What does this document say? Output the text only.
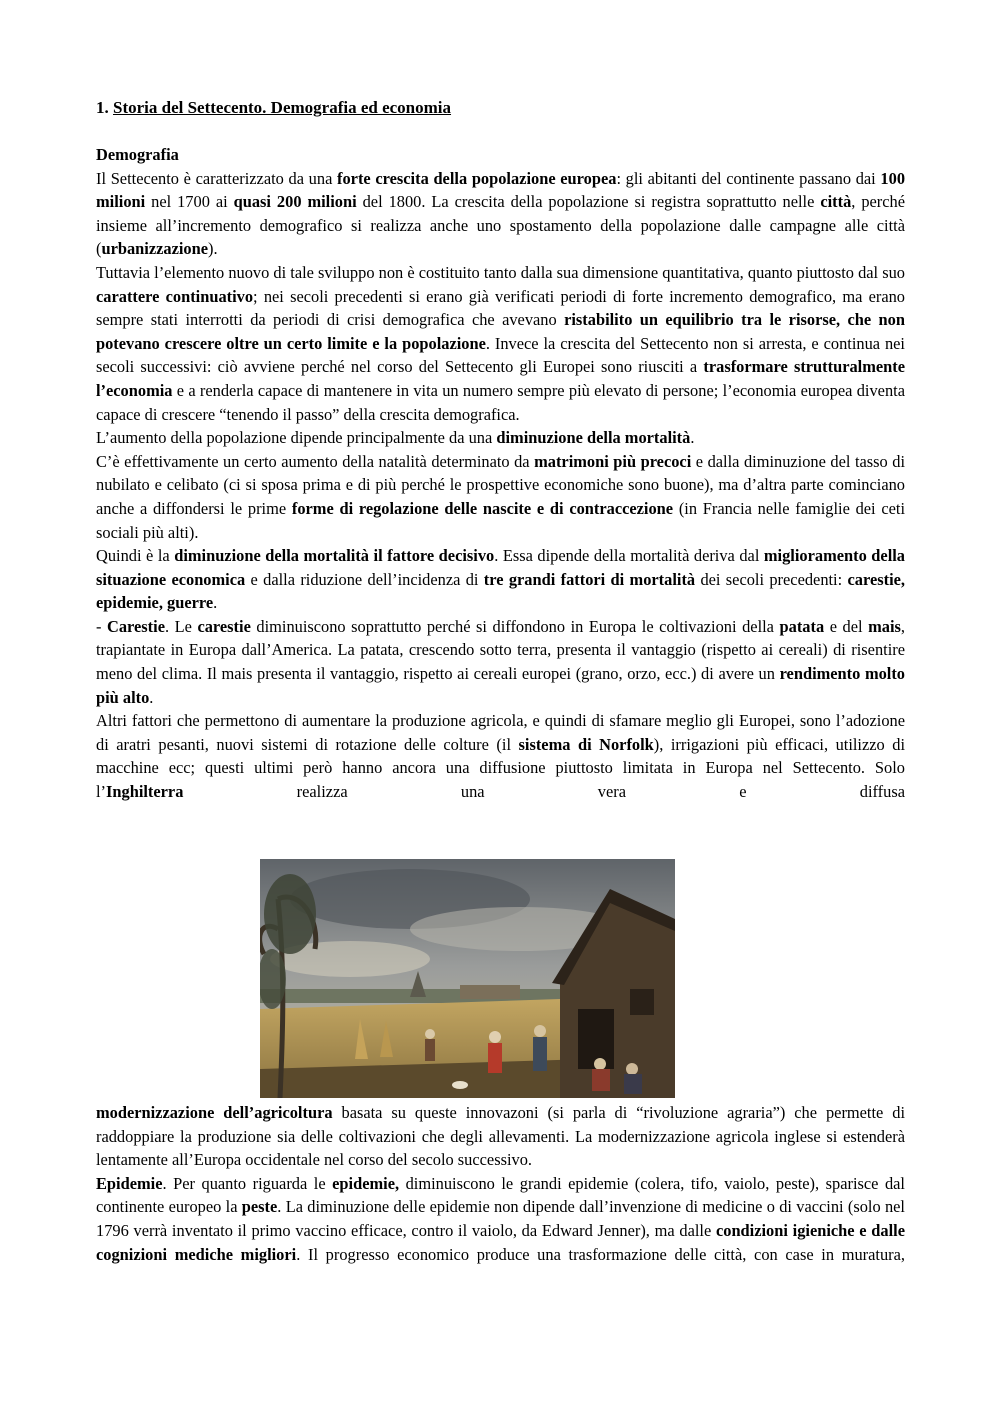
1. Storia del Settecento. Demografia ed economia
Demografia

Il Settecento è caratterizzato da una forte crescita della popolazione europea: gli abitanti del continente passano dai 100 milioni nel 1700 ai quasi 200 milioni del 1800. La crescita della popolazione si registra soprattutto nelle città, perché insieme all’incremento demografico si realizza anche uno spostamento della popolazione dalle campagne alle città (urbanizzazione).

Tuttavia l’elemento nuovo di tale sviluppo non è costituito tanto dalla sua dimensione quantitativa, quanto piuttosto dal suo carattere continuativo; nei secoli precedenti si erano già verificati periodi di forte incremento demografico, ma erano sempre stati interrotti da periodi di crisi demografica che avevano ristabilito un equilibrio tra le risorse, che non potevano crescere oltre un certo limite e la popolazione. Invece la crescita del Settecento non si arresta, e continua nei secoli successivi: ciò avviene perché nel corso del Settecento gli Europei sono riusciti a trasformare strutturalmente l’economia e a renderla capace di mantenere in vita un numero sempre più elevato di persone; l’economia europea diventa capace di crescere “tenendo il passo” della crescita demografica.

L’aumento della popolazione dipende principalmente da una diminuzione della mortalità.

C’è effettivamente un certo aumento della natalità determinato da matrimoni più precoci e dalla diminuzione del tasso di nubilato e celibato (ci si sposa prima e di più perché le prospettive economiche sono buone), ma d’altra parte cominciano anche a diffondersi le prime forme di regolazione delle nascite e di contraccezione (in Francia nelle famiglie dei ceti sociali più alti).

Quindi è la diminuzione della mortalità il fattore decisivo. Essa dipende della mortalità deriva dal miglioramento della situazione economica e dalla riduzione dell’incidenza di tre grandi fattori di mortalità dei secoli precedenti: carestie, epidemie, guerre.

- Carestie. Le carestie diminuiscono soprattutto perché si diffondono in Europa le coltivazioni della patata e del mais, trapiantate in Europa dall’America. La patata, crescendo sotto terra, presenta il vantaggio (rispetto ai cereali) di risentire meno del clima. Il mais presenta il vantaggio, rispetto ai cereali europei (grano, orzo, ecc.) di avere un rendimento molto più alto.

Altri fattori che permettono di aumentare la produzione agricola, e quindi di sfamare meglio gli Europei, sono l’adozione di aratri pesanti, nuovi sistemi di rotazione delle colture (il sistema di Norfolk), irrigazioni più efficaci, utilizzo di macchine ecc; questi ultimi però hanno ancora una diffusione piuttosto limitata in Europa nel Settecento. Solo l’Inghilterra realizza una vera e diffusa

modernizzazione dell’agricoltura basata su queste innovazoni (si parla di “rivoluzione agraria”) che permette di raddoppiare la produzione sia delle coltivazioni che degli allevamenti. La modernizzazione agricola inglese si estenderà lentamente all’Europa occidentale nel corso del secolo successivo.

Epidemie. Per quanto riguarda le epidemie, diminuiscono le grandi epidemie (colera, tifo, vaiolo, peste), sparisce dal continente europeo la peste. La diminuzione delle epidemie non dipende dall’invenzione di medicine o di vaccini (solo nel 1796 verrà inventato il primo vaccino efficace, contro il vaiolo, da Edward Jenner), ma dalle condizioni igieniche e dalle cognizioni mediche migliori. Il progresso economico produce una trasformazione delle città, con case in muratura,
